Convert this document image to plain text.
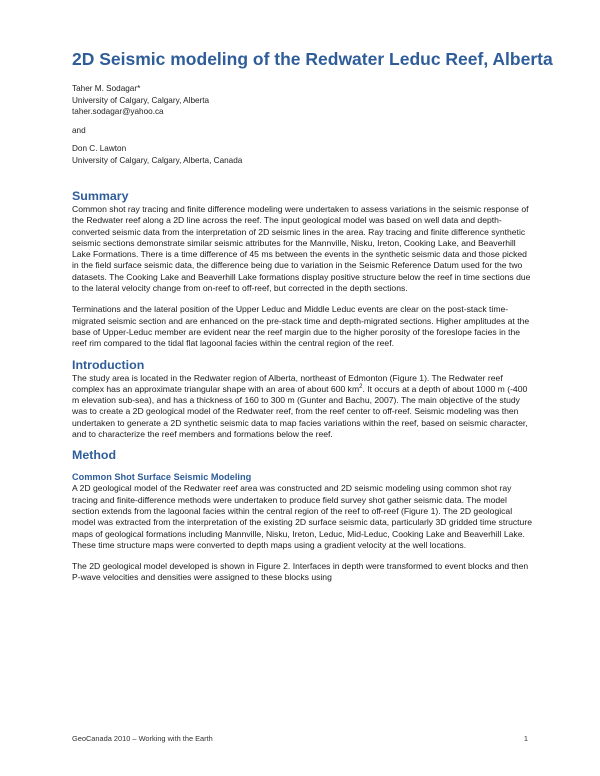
2D Seismic modeling of the Redwater Leduc Reef, Alberta
Taher M. Sodagar*
University of Calgary, Calgary, Alberta
taher.sodagar@yahoo.ca
and
Don C. Lawton
University of Calgary, Calgary, Alberta, Canada
Summary

Common shot ray tracing and finite difference modeling were undertaken to assess variations in the seismic response of the Redwater reef along a 2D line across the reef. The input geological model was based on well data and depth-converted seismic data from the interpretation of 2D seismic lines in the area. Ray tracing and finite difference synthetic seismic sections demonstrate similar seismic attributes for the Mannville, Nisku, Ireton, Cooking Lake, and Beaverhill Lake Formations. There is a time difference of 45 ms between the events in the synthetic seismic data and those picked in the field surface seismic data, the difference being due to variation in the Seismic Reference Datum used for the two datasets. The Cooking Lake and Beaverhill Lake formations display positive structure below the reef in time sections due to the lateral velocity change from on-reef to off-reef, but corrected in the depth sections.

Terminations and the lateral position of the Upper Leduc and Middle Leduc events are clear on the post-stack time-migrated seismic section and are enhanced on the pre-stack time and depth-migrated sections. Higher amplitudes at the base of Upper-Leduc member are evident near the reef margin due to the higher porosity of the foreslope facies in the reef rim compared to the tidal flat lagoonal facies within the central region of the reef.

Introduction

The study area is located in the Redwater region of Alberta, northeast of Edmonton (Figure 1). The Redwater reef complex has an approximate triangular shape with an area of about 600 $km^2$. It occurs at a depth of about 1000 m (-400 m elevation sub-sea), and has a thickness of 160 to 300 m (Gunter and Bachu, 2007). The main objective of the study was to create a 2D geological model of the Redwater reef, from the reef center to off-reef. Seismic modeling was then undertaken to generate a 2D synthetic seismic data to map facies variations within the reef, based on seismic character, and to characterize the reef members and formations below the reef.

Method
Common Shot Surface Seismic Modeling

A 2D geological model of the Redwater reef area was constructed and 2D seismic modeling using common shot ray tracing and finite-difference methods were undertaken to produce field survey shot gather seismic data. The model section extends from the lagoonal facies within the central region of the reef to off-reef (Figure 1). The 2D geological model was extracted from the interpretation of the existing 2D surface seismic data, particularly 3D gridded time structure maps of geological formations including Mannville, Nisku, Ireton, Leduc, Mid-Leduc, Cooking Lake and Beaverhill Lake. These time structure maps were converted to depth maps using a gradient velocity at the well locations.

The 2D geological model developed is shown in Figure 2. Interfaces in depth were transformed to event blocks and then P-wave velocities and densities were assigned to these blocks using

GeoCanada 2010 – Working with the Earth	1
